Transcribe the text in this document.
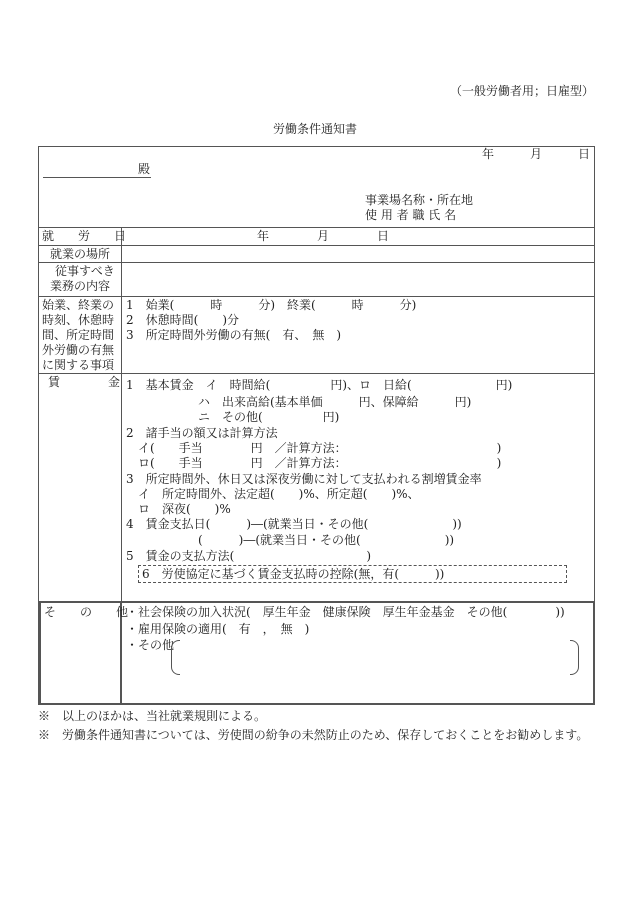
（一般労働者用；日雇型）
労働条件通知書
年　　　月　　　日
殿
事業場名称・所在地
使 用 者 職 氏 名
就　　労　　日	年　　　　月　　　　日
就業の場所
従事すべき
業務の内容
始業、終業の
時刻、休憩時
間、所定時間
外労働の有無
に関する事項
1　始業(　　　時　　　分)　終業(　　　時　　　分)
2　休憩時間(　　)分
3　所定時間外労働の有無(　有、　無　)
賃　　　　金 1　基本賃金　イ　時間給(　　　　　円)、ロ　日給(　　　　　　　円)
　　　　　　ハ　出来高給(基本単価　　　円、保障給　　　円)
　　　　　　ニ　その他(　　　　　円)
2　諸手当の額又は計算方法
　イ(　　手当　　　　円　／計算方法：　　　　　　　　　　　　　)
　ロ(　　手当　　　　円　／計算方法：　　　　　　　　　　　　　)
3　所定時間外、休日又は深夜労働に対して支払われる割増賃金率
　イ　所定時間外、法定超(　　)%、所定超(　　)%、
　ロ　深夜(　　)%
4　賃金支払日(　　　)―(就業当日・その他(　　　　　　　))
　　　　　　(　　　)―(就業当日・その他(　　　　　　　))
5　賃金の支払方法(　　　　　　　　　　　)
6　労使協定に基づく賃金支払時の控除(無，有(　　　))
そ　　の　　他
・社会保険の加入状況(　厚生年金　健康保険　厚生年金基金　その他(　　　　))
・雇用保険の適用(　有　，　無　)
・その他
※　以上のほかは、当社就業規則による。
※　労働条件通知書については、労使間の紛争の未然防止のため、保存しておくことをお勧めします。
